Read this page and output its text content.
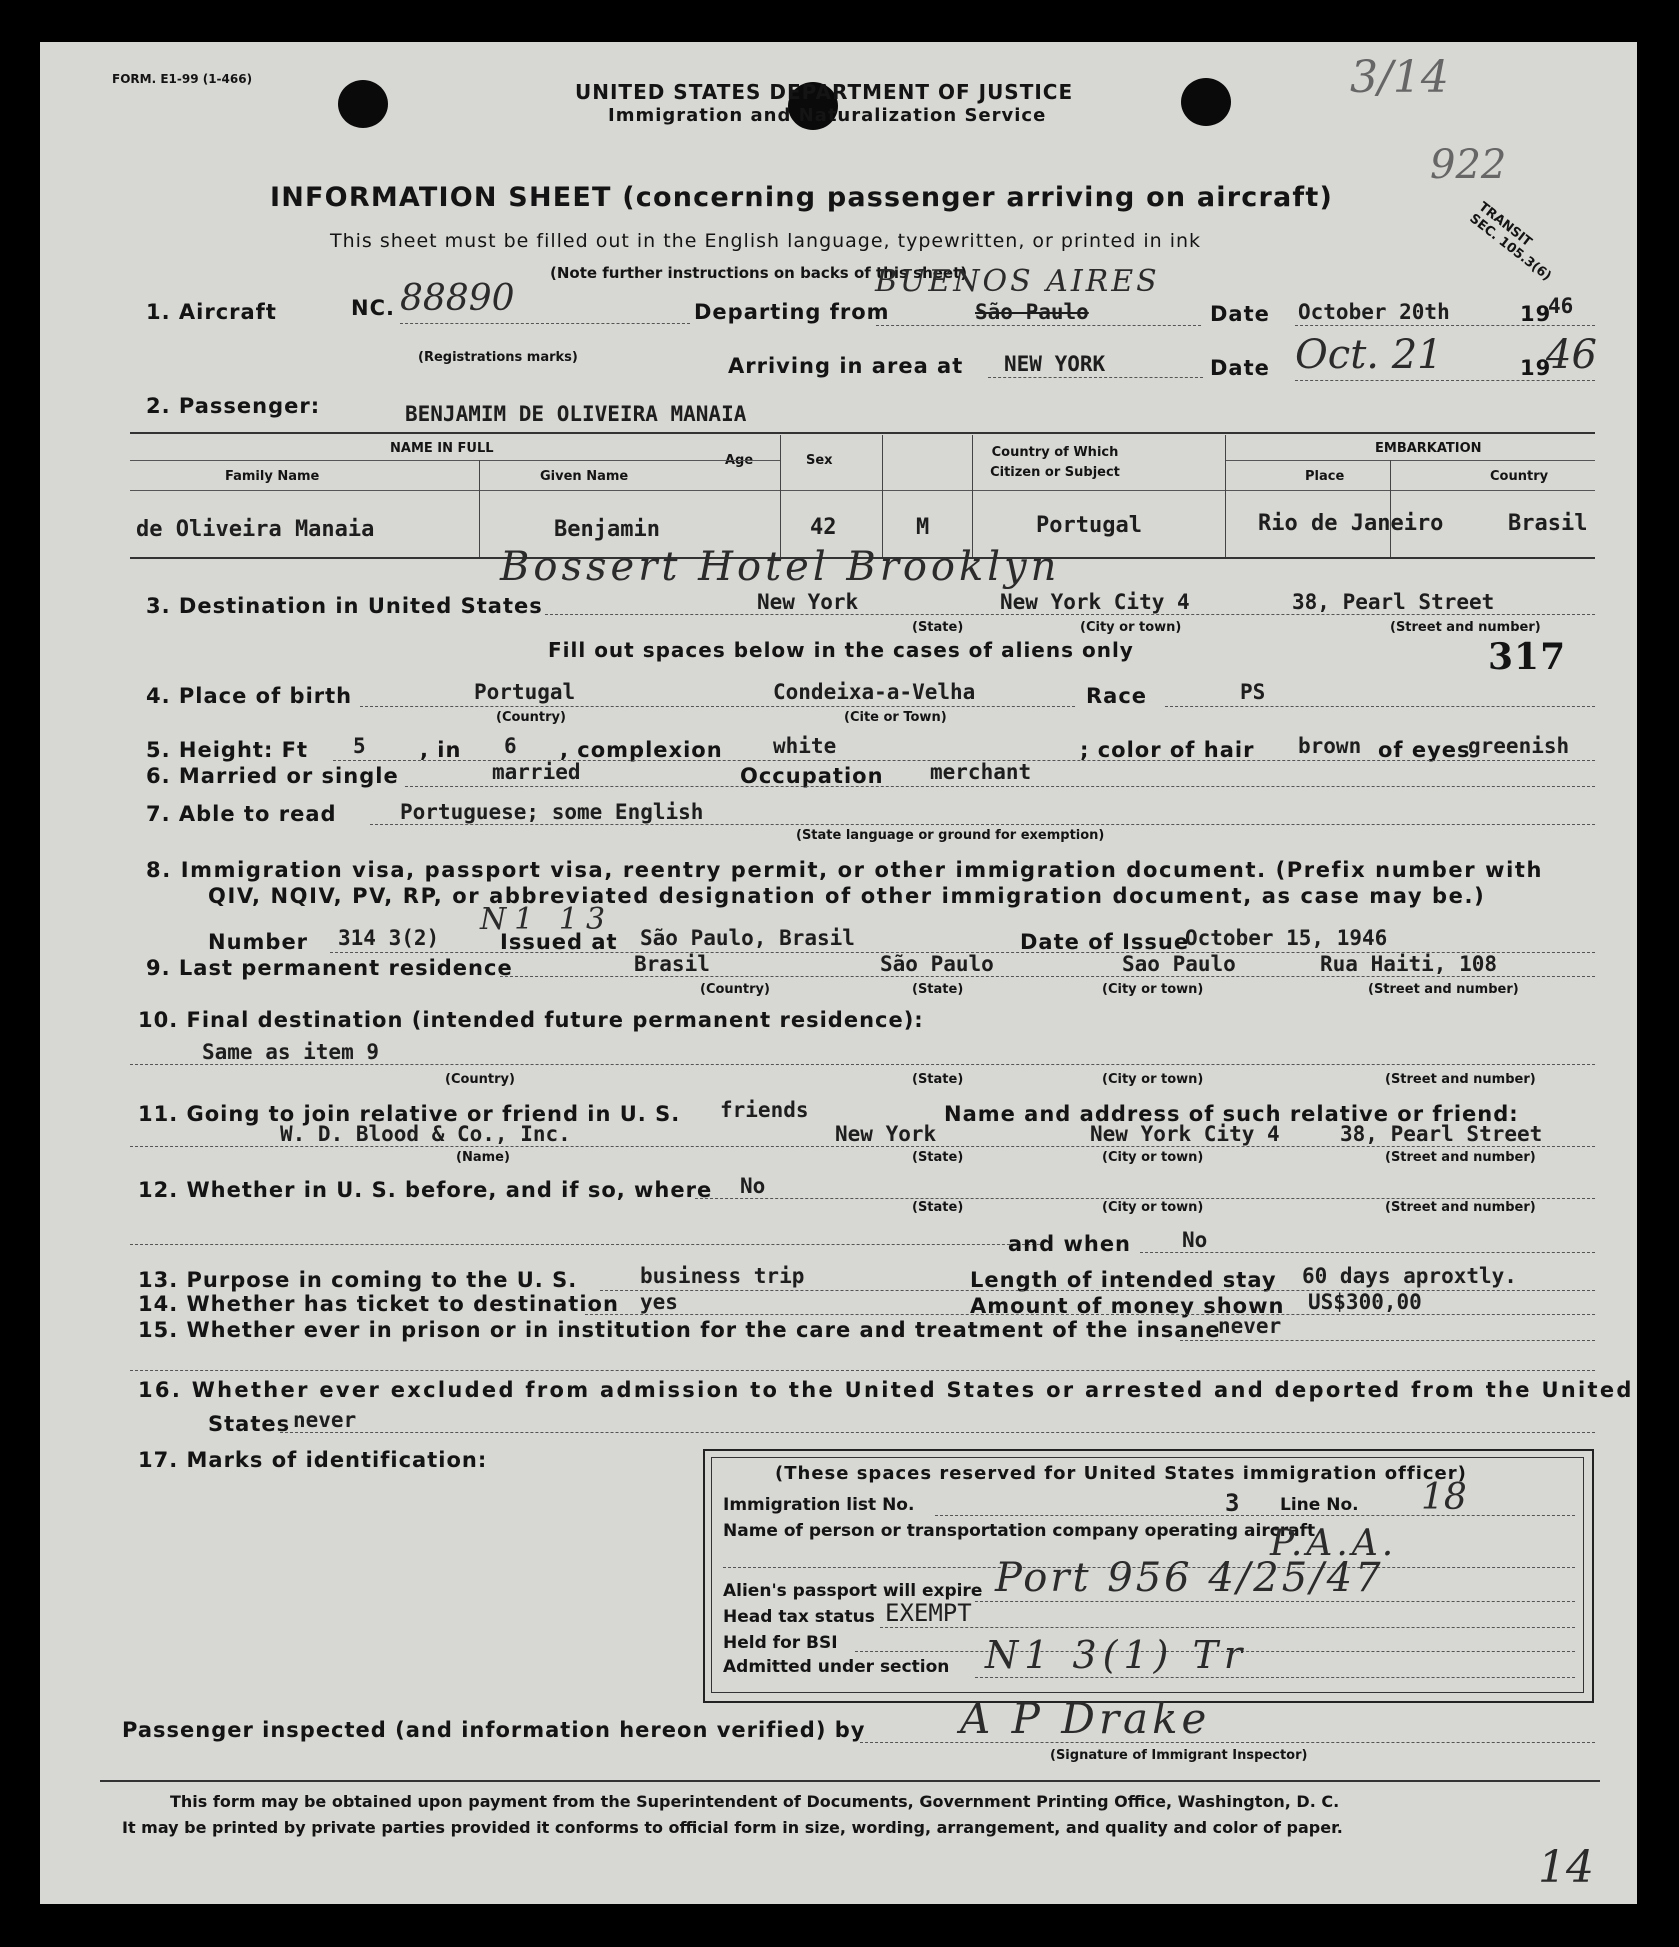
FORM. E1-99 (1-466)
UNITED STATES DEPARTMENT OF JUSTICE
Immigration and Naturalization Service
3/14
922
TRANSIT SEC. 105.3(6)
INFORMATION SHEET (concerning passenger arriving on aircraft)
This sheet must be filled out in the English language, typewritten, or printed in ink
(Note further instructions on backs of this sheet)
1. Aircraft	NC. 88890
(Registrations marks)
Departing from
BUENOS AIRES
São Paulo	Date October 20th	19
46
Arriving in area at NEW YORK	Date Oct. 21	19
46
2. Passenger:	BENJAMIM DE OLIVEIRA MANAIA
NAME IN FULL
Family Name	Given Name
Age	Sex
Country of Which Citizen or Subject
EMBARKATION
Place	Country
de Oliveira Manaia	Benjamin	42	M	Portugal	Rio de Janeiro	Brasil
Bossert Hotel Brooklyn
3. Destination in United States	New York	New York City 4	38, Pearl Street
(State)	(City or town)	(Street and number)
Fill out spaces below in the cases of aliens only	317
4. Place of birth	Portugal	Condeixa-a-Velha	Race	PS
(Country)	(Cite or Town)
5. Height: Ft 5	, in 6 , complexion white	; color of hair brown of eyes
greenish
6. Married or single	married	Occupation merchant
7. Able to read	Portuguese; some English
(State language or ground for exemption)
8. Immigration visa, passport visa, reentry permit, or other immigration document. (Prefix number with
QIV, NQIV, PV, RP, or abbreviated designation of other immigration document, as case may be.)
N1 13
Number 314 3(2)	Issued at São Paulo, Brasil	Date of Issue
October 15, 1946
9. Last permanent residence	Brasil	São Paulo	Sao Paulo	Rua Haiti, 108
(Country)	(State)	(City or town)	(Street and number)
10. Final destination (intended future permanent residence):
Same as item 9
(Country)	(State)	(City or town)	(Street and number)
11. Going to join relative or friend in U. S. friends	Name and address of such relative or friend:
W. D. Blood & Co., Inc.	New York	New York City 4	38, Pearl Street
(Name)	(State)	(City or town)	(Street and number)
12. Whether in U. S. before, and if so, where No
(State)	(City or town)	(Street and number)
and when No
13. Purpose in coming to the U. S.	business trip	Length of intended stay 60 days aproxtly.
14. Whether has ticket to destination yes	Amount of money shown US$300,00
15. Whether ever in prison or in institution for the care and treatment of the insane
never
16. Whether ever excluded from admission to the United States or arrested and deported from the United
States never
17. Marks of identification:
(These spaces reserved for United States immigration officer)
Immigration list No.	3 Line No. 18
Name of person or transportation company operating aircraft
P.A.A.
Alien's passport will expire Port 956 4/25/47
Head tax status EXEMPT
Held for BSI
Admitted under section N1 3(1) Tr
Passenger inspected (and information hereon verified) by A P Drake
(Signature of Immigrant Inspector)
This form may be obtained upon payment from the Superintendent of Documents, Government Printing Office, Washington, D. C.
It may be printed by private parties provided it conforms to official form in size, wording, arrangement, and quality and color of paper.
14
